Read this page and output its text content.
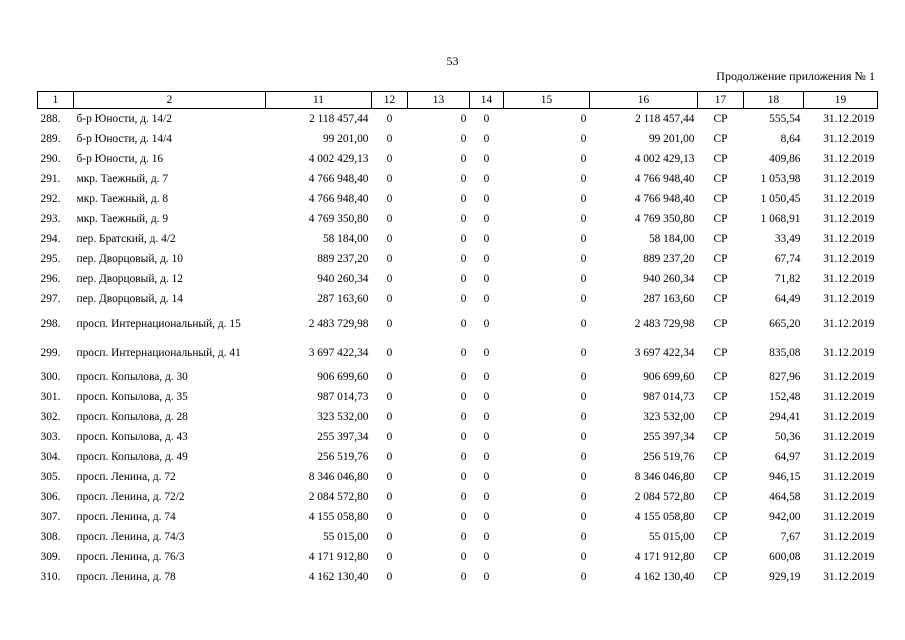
53
Продолжение приложения № 1
1	2	11	12	13	14	15	16	17	18	19
288.	б-р Юности, д. 14/2	2 118 457,44	0	0	0	0	2 118 457,44	СР	555,54	31.12.2019
289.	б-р Юности, д. 14/4	99 201,00	0	0	0	0	99 201,00	СР	8,64	31.12.2019
290.	б-р Юности, д. 16	4 002 429,13	0	0	0	0	4 002 429,13	СР	409,86	31.12.2019
291.	мкр. Таежный, д. 7	4 766 948,40	0	0	0	0	4 766 948,40	СР	1 053,98	31.12.2019
292.	мкр. Таежный, д. 8	4 766 948,40	0	0	0	0	4 766 948,40	СР	1 050,45	31.12.2019
293.	мкр. Таежный, д. 9	4 769 350,80	0	0	0	0	4 769 350,80	СР	1 068,91	31.12.2019
294.	пер. Братский, д. 4/2	58 184,00	0	0	0	0	58 184,00	СР	33,49	31.12.2019
295.	пер. Дворцовый, д. 10	889 237,20	0	0	0	0	889 237,20	СР	67,74	31.12.2019
296.	пер. Дворцовый, д. 12	940 260,34	0	0	0	0	940 260,34	СР	71,82	31.12.2019
297.	пер. Дворцовый, д. 14	287 163,60	0	0	0	0	287 163,60	СР	64,49	31.12.2019
298.	просп. Интернациональный, д. 15	2 483 729,98	0	0	0	0	2 483 729,98	СР	665,20	31.12.2019
299.	просп. Интернациональный, д. 41	3 697 422,34	0	0	0	0	3 697 422,34	СР	835,08	31.12.2019
300.	просп. Копылова, д. 30	906 699,60	0	0	0	0	906 699,60	СР	827,96	31.12.2019
301.	просп. Копылова, д. 35	987 014,73	0	0	0	0	987 014,73	СР	152,48	31.12.2019
302.	просп. Копылова, д. 28	323 532,00	0	0	0	0	323 532,00	СР	294,41	31.12.2019
303.	просп. Копылова, д. 43	255 397,34	0	0	0	0	255 397,34	СР	50,36	31.12.2019
304.	просп. Копылова, д. 49	256 519,76	0	0	0	0	256 519,76	СР	64,97	31.12.2019
305.	просп. Ленина, д. 72	8 346 046,80	0	0	0	0	8 346 046,80	СР	946,15	31.12.2019
306.	просп. Ленина, д. 72/2	2 084 572,80	0	0	0	0	2 084 572,80	СР	464,58	31.12.2019
307.	просп. Ленина, д. 74	4 155 058,80	0	0	0	0	4 155 058,80	СР	942,00	31.12.2019
308.	просп. Ленина, д. 74/3	55 015,00	0	0	0	0	55 015,00	СР	7,67	31.12.2019
309.	просп. Ленина, д. 76/3	4 171 912,80	0	0	0	0	4 171 912,80	СР	600,08	31.12.2019
310.	просп. Ленина, д. 78	4 162 130,40	0	0	0	0	4 162 130,40	СР	929,19	31.12.2019
